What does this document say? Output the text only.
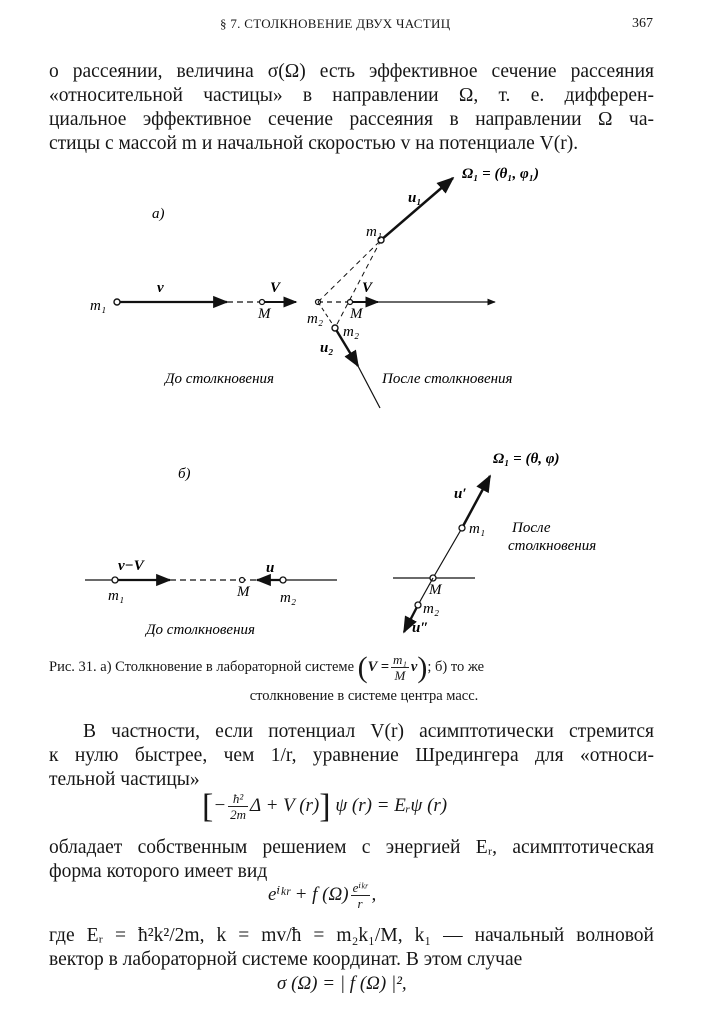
§ 7. СТОЛКНОВЕНИЕ ДВУХ ЧАСТИЦ	367
о рассеянии, величина σ(Ω) есть эффективное сечение рассеяния
«относительной частицы» в направлении Ω, т. е. дифферен-
циальное эффективное сечение рассеяния в направлении Ω ча-
стицы с массой m и начальной скоростью v на потенциале V(r).
а)
m₁
v	V
M m₂
V
M
m₁
u₁
Ω₁ = (θ₁, φ₁)
m₂
u₂
До столкновения	После столкновения
б)
v−V
m₁	M
u
m₂
До столкновения
m₁
u′
Ω₁ = (θ, φ)
M
m₂
u″
После
столкновения
Рис. 31. а) Столкновение в лабораторной системе $(V = \frac{\text{m₁}}{M} v)$; б) то же
столкновение в системе центра масс.
В частности, если потенциал V(r) асимптотически стремится
к нулю быстрее, чем 1/r, уравнение Шредингера для «относи-
тельной частицы»
[− $\frac{\text{ħ²}}{2m}$ Δ + V (r)] ψ (r) = Eᵣψ (r)
обладает собственным решением с энергией Eᵣ, асимптотическая
форма которого имеет вид
eⁱᵏʳ + f $(\Omega) \frac{\text{eⁱᵏʳ}}{r}$ ,
где Eᵣ = ħ²k²/2m, k = mv/ħ = m₂k₁/M, k₁ — начальный волновой
вектор в лабораторной системе координат. В этом случае
σ (Ω) = | f (Ω) |²,
